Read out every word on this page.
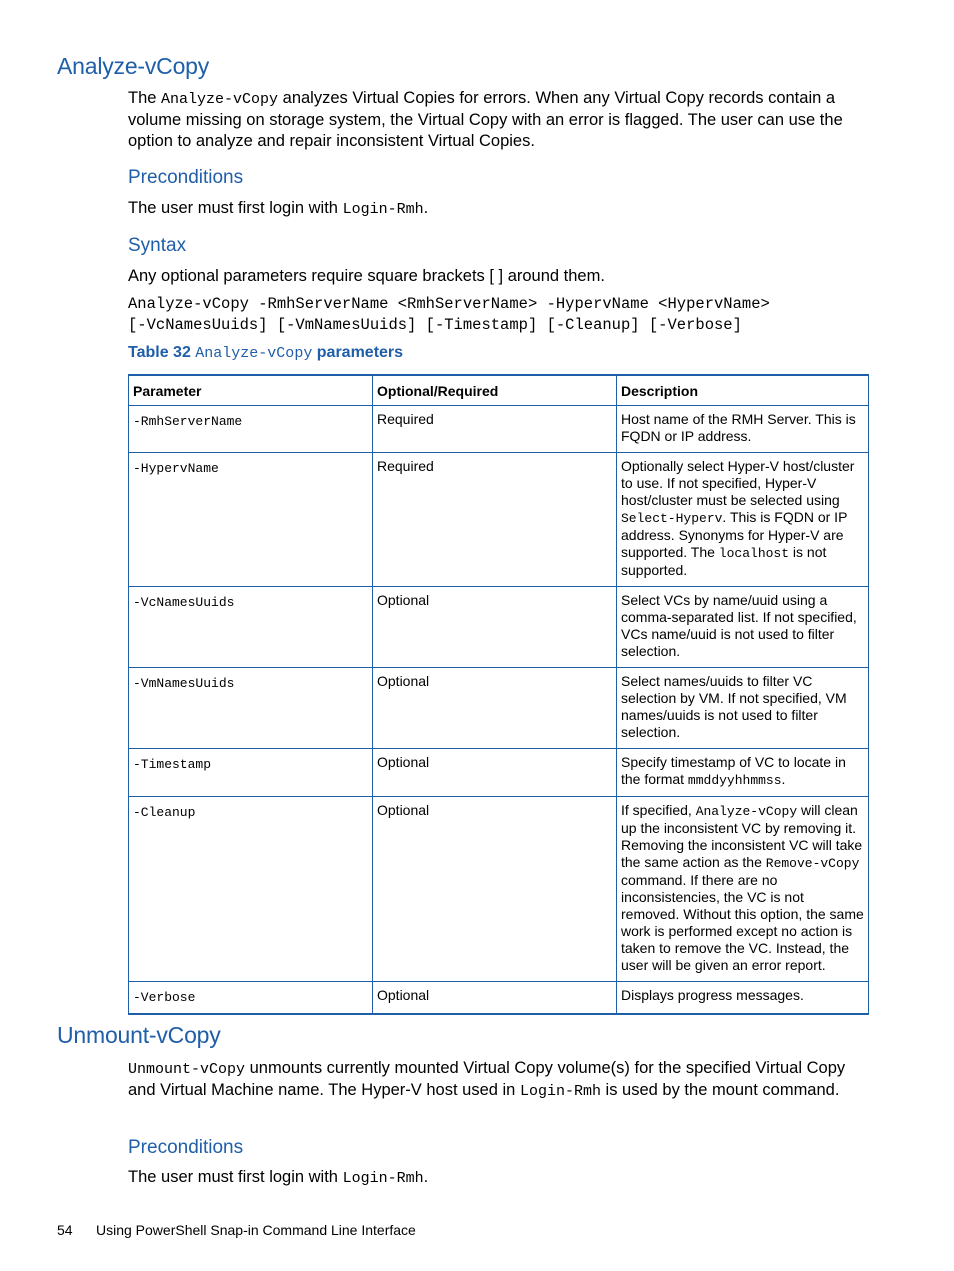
Analyze-vCopy
The Analyze-vCopy analyzes Virtual Copies for errors. When any Virtual Copy records contain a volume missing on storage system, the Virtual Copy with an error is flagged. The user can use the option to analyze and repair inconsistent Virtual Copies.
Preconditions
The user must first login with Login-Rmh.
Syntax
Any optional parameters require square brackets [ ] around them.
Analyze-vCopy -RmhServerName <RmhServerName> -HypervName <HypervName>
[-VcNamesUuids] [-VmNamesUuids] [-Timestamp] [-Cleanup] [-Verbose]
Table 32 Analyze-vCopy parameters
Parameter	Optional/Required	Description
-RmhServerName	Required	Host name of the RMH Server. This is FQDN or IP address.
-HypervName	Required	Optionally select Hyper-V host/cluster to use. If not specified, Hyper-V host/cluster must be selected using Select-Hyperv. This is FQDN or IP address. Synonyms for Hyper-V are supported. The localhost is not supported.
-VcNamesUuids	Optional	Select VCs by name/uuid using a comma-separated list. If not specified, VCs name/uuid is not used to filter selection.
-VmNamesUuids	Optional	Select names/uuids to filter VC selection by VM. If not specified, VM names/uuids is not used to filter selection.
-Timestamp	Optional	Specify timestamp of VC to locate in the format mmddyyhhmmss.
-Cleanup	Optional	If specified, Analyze-vCopy will clean up the inconsistent VC by removing it. Removing the inconsistent VC will take the same action as the Remove-vCopy command. If there are no inconsistencies, the VC is not removed. Without this option, the same work is performed except no action is taken to remove the VC. Instead, the user will be given an error report.
-Verbose	Optional	Displays progress messages.
Unmount-vCopy
Unmount-vCopy unmounts currently mounted Virtual Copy volume(s) for the specified Virtual Copy and Virtual Machine name. The Hyper-V host used in Login-Rmh is used by the mount command.
Preconditions
The user must first login with Login-Rmh.
54 Using PowerShell Snap-in Command Line Interface
